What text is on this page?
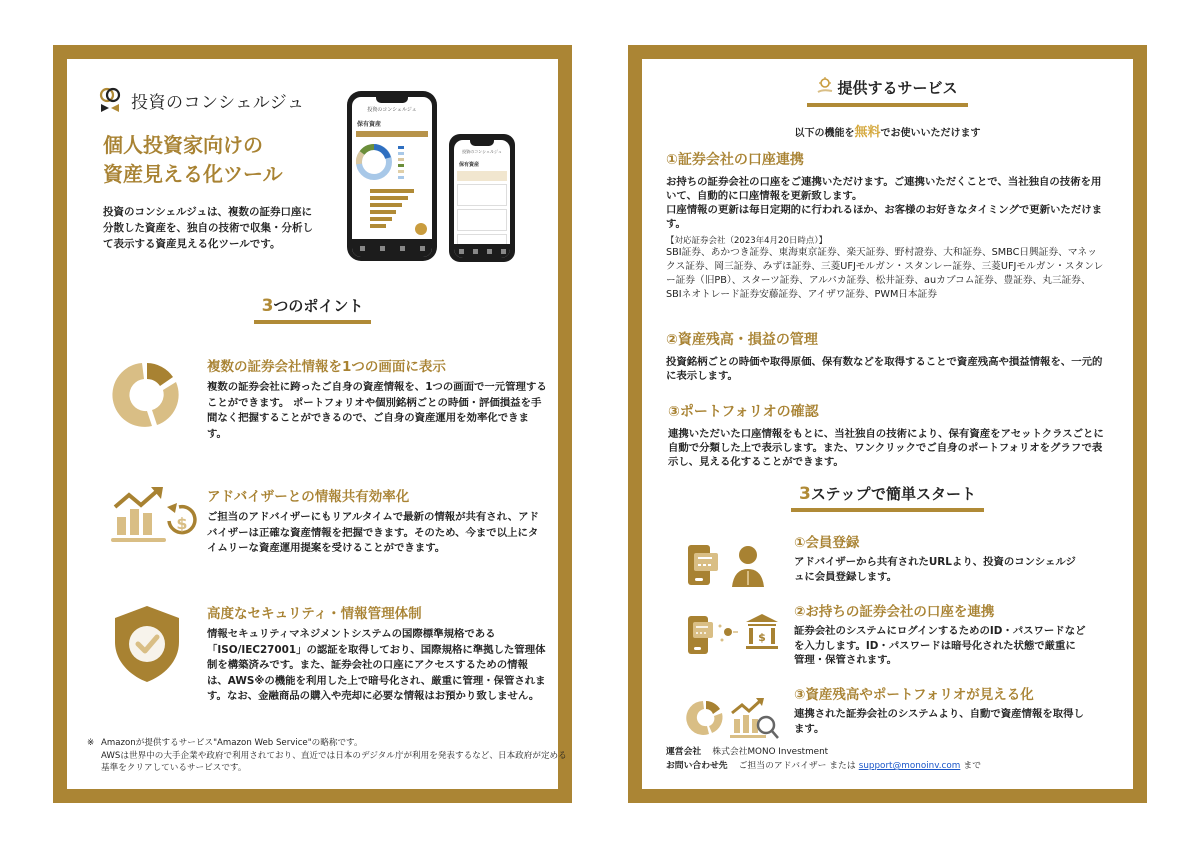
投資のコンシェルジュ
個人投資家向けの
資産見える化ツール
投資のコンシェルジュは、複数の証券口座に分散した資産を、独自の技術で収集・分析して表示する資産見える化ツールです。
投資のコンシェルジュ
保有資産
投資のコンシェルジュ
保有資産
3つのポイント
複数の証券会社情報を1つの画面に表示
複数の証券会社に跨ったご自身の資産情報を、1つの画面で一元管理することができます。 ポートフォリオや個別銘柄ごとの時価・評価損益を手間なく把握することができるので、ご自身の資産運用を効率化できます。
$
アドバイザーとの情報共有効率化
ご担当のアドバイザーにもリアルタイムで最新の情報が共有され、アドバイザーは正確な資産情報を把握できます。そのため、今まで以上にタイムリーな資産運用提案を受けることができます。
高度なセキュリティ・情報管理体制
情報セキュリティマネジメントシステムの国際標準規格である「ISO/IEC27001」の認証を取得しており、国際規格に準拠した管理体制を構築済みです。また、証券会社の口座にアクセスするための情報は、AWS※の機能を利用した上で暗号化され、厳重に管理・保管されます。なお、金融商品の購入や売却に必要な情報はお預かり致しません。
※ Amazonが提供するサービス"Amazon Web Service"の略称です。
AWSは世界中の大手企業や政府で利用されており、直近では日本のデジタル庁が利用を発表するなど、日本政府が定める基準をクリアしているサービスです。
提供するサービス
以下の機能を無料でお使いいただけます
①証券会社の口座連携
お持ちの証券会社の口座をご連携いただけます。ご連携いただくことで、当社独自の技術を用いて、自動的に口座情報を更新致します。
口座情報の更新は毎日定期的に行われるほか、お客様のお好きなタイミングで更新いただけます。
【対応証券会社（2023年4月20日時点）】
SBI証券、あかつき証券、東海東京証券、楽天証券、野村證券、大和証券、SMBC日興証券、マネックス証券、岡三証券、みずほ証券、三菱UFJモルガン・スタンレー証券、三菱UFJモルガン・スタンレー証券（旧PB）、スターツ証券、アルパカ証券、松井証券、auカブコム証券、豊証券、丸三証券、SBIネオトレード証券安藤証券、アイザワ証券、PWM日本証券
②資産残高・損益の管理
投資銘柄ごとの時価や取得原価、保有数などを取得することで資産残高や損益情報を、一元的に表示します。
③ポートフォリオの確認
連携いただいた口座情報をもとに、当社独自の技術により、保有資産をアセットクラスごとに自動で分類した上で表示します。また、ワンクリックでご自身のポートフォリオをグラフで表示し、見える化することができます。
3ステップで簡単スタート
①会員登録
アドバイザーから共有されたURLより、投資のコンシェルジュに会員登録します。
$
②お持ちの証券会社の口座を連携
証券会社のシステムにログインするためのID・パスワードなどを入力します。ID・パスワードは暗号化された状態で厳重に管理・保管されます。
③資産残高やポートフォリオが見える化
連携された証券会社のシステムより、自動で資産情報を取得します。
運営会社 株式会社MONO Investment
お問い合わせ先 ご担当のアドバイザー または support@monoinv.com まで
